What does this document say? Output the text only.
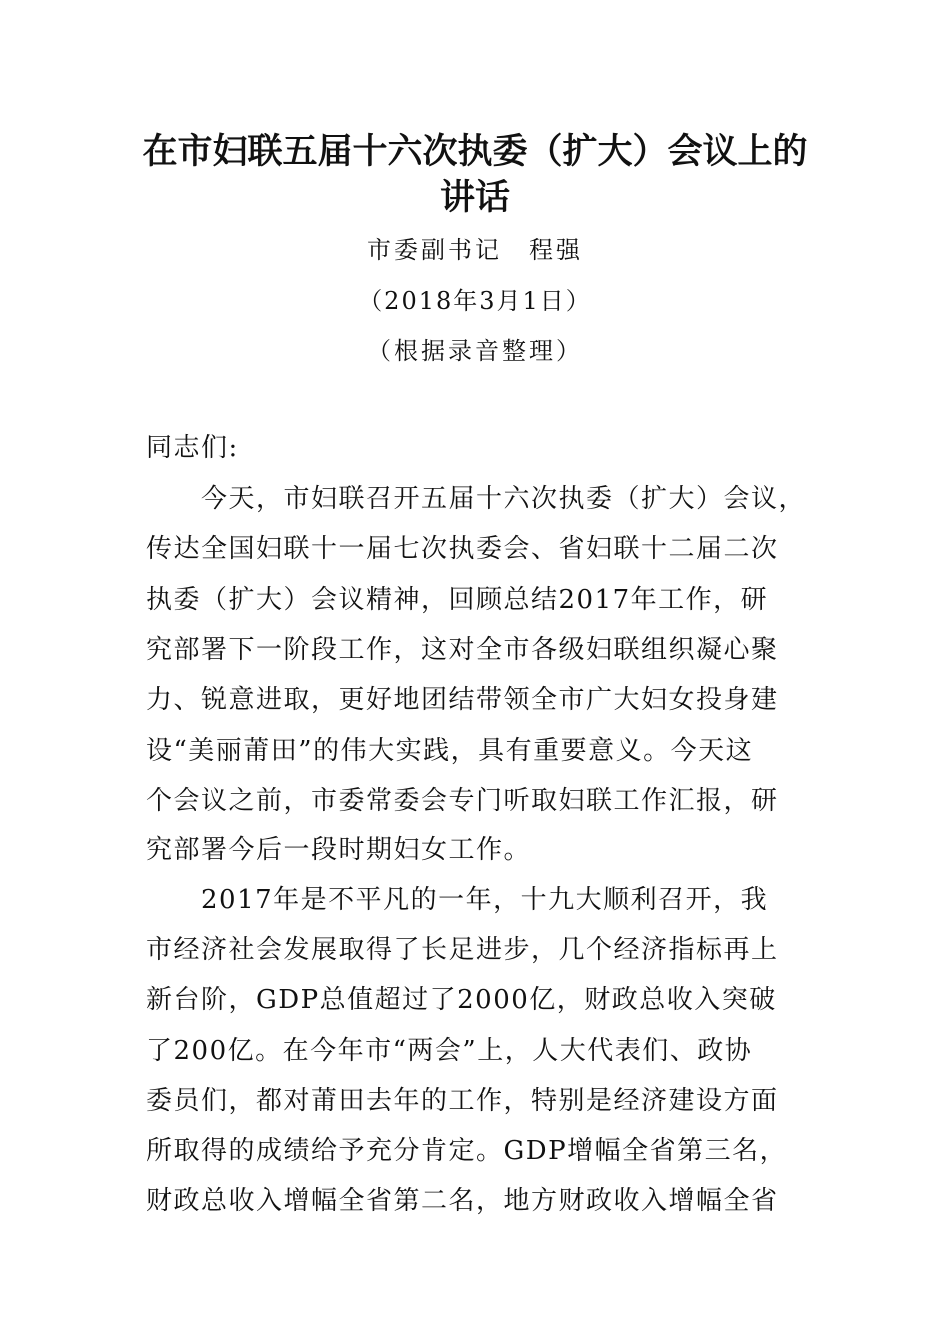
在市妇联五届十六次执委（扩大）会议上的
讲话
市委副书记　程强
（2018年3月1日）
（根据录音整理）
同志们:
　　今天，市妇联召开五届十六次执委（扩大）会议，
传达全国妇联十一届七次执委会、省妇联十二届二次
执委（扩大）会议精神，回顾总结2017年工作，研
究部署下一阶段工作，这对全市各级妇联组织凝心聚
力、锐意进取，更好地团结带领全市广大妇女投身建
设“美丽莆田”的伟大实践，具有重要意义。今天这
个会议之前，市委常委会专门听取妇联工作汇报，研
究部署今后一段时期妇女工作。
　　2017年是不平凡的一年，十九大顺利召开，我
市经济社会发展取得了长足进步，几个经济指标再上
新台阶，GDP总值超过了2000亿，财政总收入突破
了200亿。在今年市“两会”上，人大代表们、政协
委员们，都对莆田去年的工作，特别是经济建设方面
所取得的成绩给予充分肯定。GDP增幅全省第三名，
财政总收入增幅全省第二名，地方财政收入增幅全省
